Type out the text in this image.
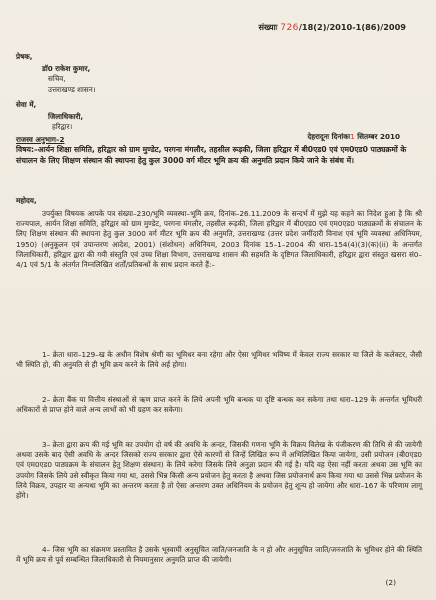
संख्याः 726/18(2)/2010-1(86)/2009
प्रेषक,
डॉ0 राकेश कुमार,
सचिव,
उत्तराखण्ड शासन।
सेवा में,
जिलाधिकारी,
हरिद्वार।
राजस्व अनुभाग–2	देहरादूनः दिनांकः1 सितम्बर 2010
विषय:–आर्यन शिक्षा समिति, हरिद्वार को ग्राम मुण्डेट, परगना मंगलौर, तहसील रूड़की, जिला हरिद्वार में बी0एड0 एवं एम0एड0 पाठ्यक्रमों के संचालन के लिए शिक्षण संस्थान की स्थापना हेतु कुल 3000 वर्ग मीटर भूमि क्रय की अनुमति प्रदान किये जाने के संबंध में।
महोदय,
उपर्युक्त विषयक आपके पत्र संख्या–230/भूमि व्यवस्था–भूमि क्रय, दिनांक–26.11.2009 के सन्दर्भ में मुझे यह कहने का निदेश हुआ है कि श्री राज्यपाल, आर्यन शिक्षा समिति, हरिद्वार को ग्राम मुण्डेट, परगना मंगलौर, तहसील रूड़की, जिला हरिद्वार में बी0एड0 एवं एम0एड0 पाठ्यक्रमों के संचालन के लिए शिक्षण संस्थान की स्थापना हेतु कुल 3000 वर्ग मीटर भूमि क्रय की अनुमति, उत्तराखण्ड (उत्तर प्रदेश जमींदारी विनाश एवं भूमि व्यवस्था अधिनियम, 1950) (अनुकूलन एवं उपान्तरण आदेश, 2001) (संशोधन) अधिनियम, 2003 दिनांक 15–1–2004 की धारा–154(4)(3)(क)(ii) के अन्तर्गत जिलाधिकारी, हरिद्वार द्वारा की गयी संस्तुति एवं उच्च शिक्षा विभाग, उत्तराखण्ड शासन की सहमति के दृष्टिगत जिलाधिकारी, हरिद्वार द्वारा संस्तुत खसरा सं0–4/1 एवं 5/1 के अंतर्गत निम्नलिखित शर्तों/प्रतिबन्धों के साथ प्रदान करते हैं:–
1– क्रेता धारा–129–ख के अधीन विशेष श्रेणी का भूमिधर बना रहेगा और ऐसा भूमिधर भविष्य में केवल राज्य सरकार या जिले के कलेक्टर, जैसी भी स्थिति हो, की अनुमति से ही भूमि क्रय करने के लिये अर्ह होगा।
2– क्रेता बैंक या वित्तीय संस्थाओं से ऋण प्राप्त करने के लिये अपनी भूमि बन्धक या दृष्टि बन्धक कर सकेगा तथा धारा–129 के अन्तर्गत भूमिधरी अधिकारों से प्राप्त होने वाले अन्य लाभों को भी ग्रहण कर सकेगा।
3– क्रेता द्वारा क्रय की गई भूमि का उपयोग दो वर्ष की अवधि के अन्दर, जिसकी गणना भूमि के विक्रय विलेख के पंजीकरण की तिथि से की जायेगी अथवा उसके बाद ऐसी अवधि के अन्दर जिसको राज्य सरकार द्वारा ऐसे कारणों से जिन्हें लिखित रूप में अभिलिखित किया जायेगा, उसी प्रयोजन (बी0एड0 एवं एम0एड0 पाठ्यक्रम के संचालन हेतु शिक्षण संस्थान) के लिये करेगा जिसके लिये अनुज्ञा प्रदान की गई है। यदि वह ऐसा नहीं करता अथवा उस भूमि का उपयोग जिसके लिये उसे स्वीकृत किया गया था, उससे भिन्न किसी अन्य प्रयोजन हेतु करता है अथवा जिस प्रयोजनार्थ क्रय किया गया था उससे भिन्न प्रयोजन के लिये विक्रय, उपहार या अन्यथा भूमि का अन्तरण करता है तो ऐसा अन्तरण उक्त अधिनियम के प्रयोजन हेतु शून्य हो जायेगा और धारा–167 के परिणाम लागू होंगे।
4– जिस भूमि का संक्रमण प्रस्तावित है उसके भूस्वामी अनुसूचित जाति/जनजाति के न हो और अनुसूचित जाति/जनजाति के भूमिधर होने की स्थिति में भूमि क्रय से पूर्व सम्बन्धित जिलाधिकारी से नियमानुसार अनुमति प्राप्त की जायेगी।
(2)
